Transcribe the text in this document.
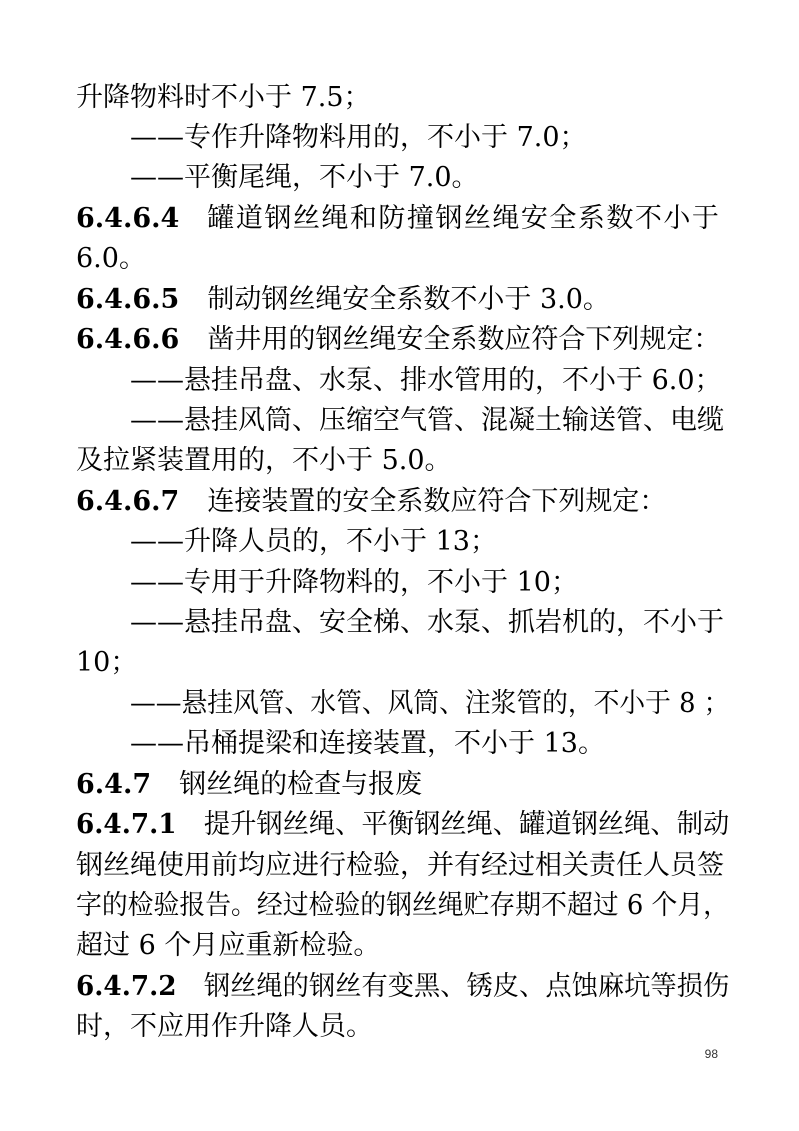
升降物料时不小于 7.5；
——专作升降物料用的，不小于 7.0；
——平衡尾绳，不小于 7.0。
6.4.6.4 罐道钢丝绳和防撞钢丝绳安全系数不小于
6.0。
6.4.6.5 制动钢丝绳安全系数不小于 3.0。
6.4.6.6 凿井用的钢丝绳安全系数应符合下列规定：
——悬挂吊盘、水泵、排水管用的，不小于 6.0；
——悬挂风筒、压缩空气管、混凝土输送管、电缆
及拉紧装置用的，不小于 5.0。
6.4.6.7 连接装置的安全系数应符合下列规定：
——升降人员的，不小于 13；
——专用于升降物料的，不小于 10；
——悬挂吊盘、安全梯、水泵、抓岩机的，不小于
10；
——悬挂风管、水管、风筒、注浆管的，不小于 8 ；
——吊桶提梁和连接装置，不小于 13。
6.4.7 钢丝绳的检查与报废
6.4.7.1 提升钢丝绳、平衡钢丝绳、罐道钢丝绳、制动
钢丝绳使用前均应进行检验，并有经过相关责任人员签
字的检验报告。经过检验的钢丝绳贮存期不超过 6 个月，
超过 6 个月应重新检验。
6.4.7.2 钢丝绳的钢丝有变黑、锈皮、点蚀麻坑等损伤
时，不应用作升降人员。
98
